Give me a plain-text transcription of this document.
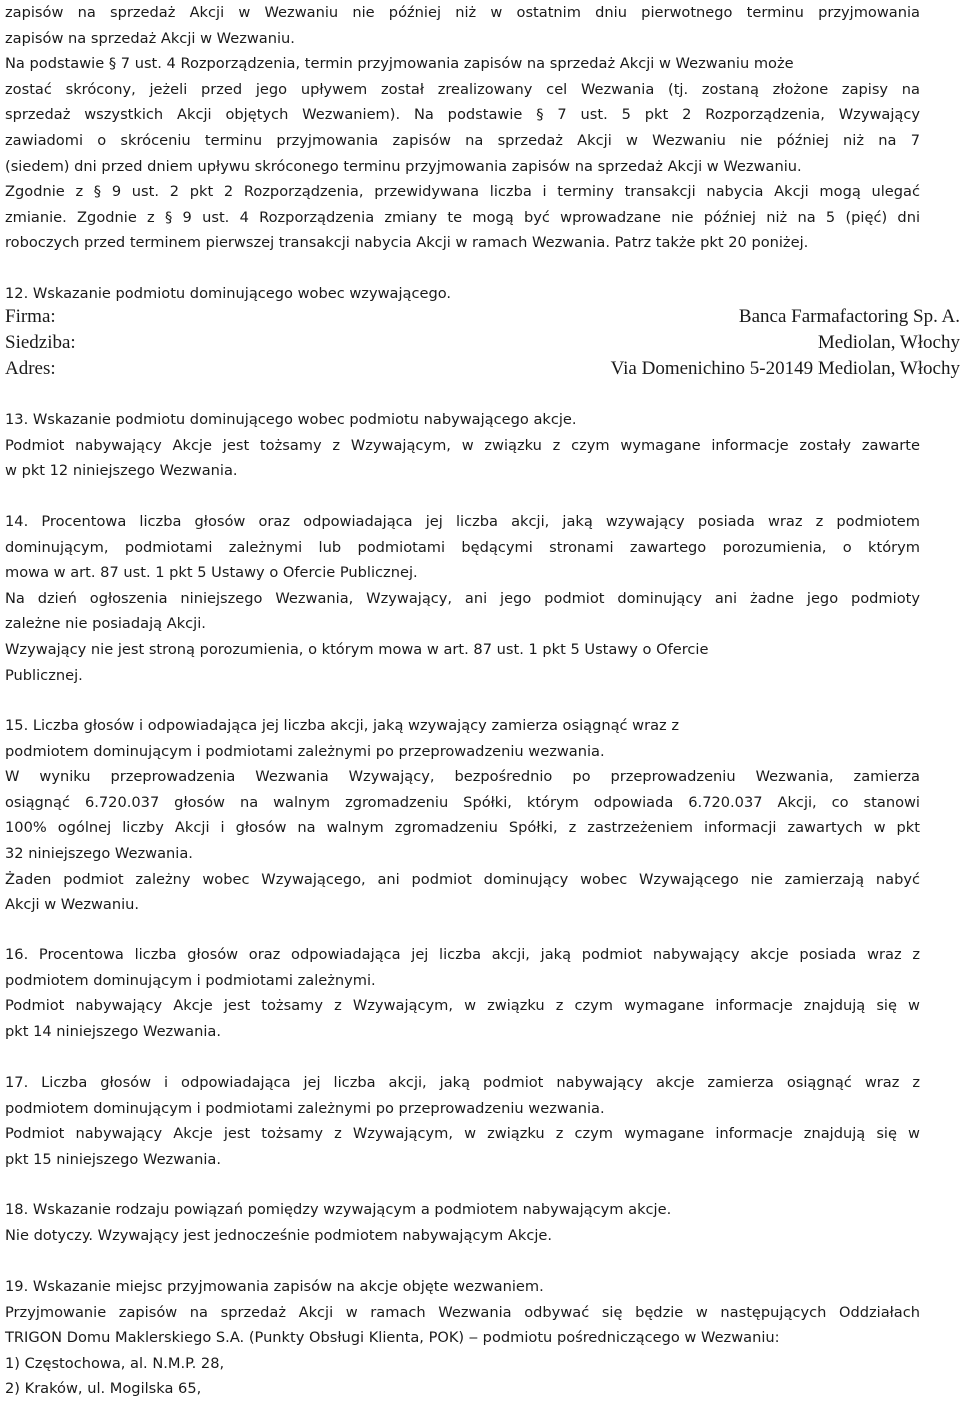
zapisów na sprzedaż Akcji w Wezwaniu nie później niż w ostatnim dniu pierwotnego terminu przyjmowania
zapisów na sprzedaż Akcji w Wezwaniu.
Na podstawie § 7 ust. 4 Rozporządzenia, termin przyjmowania zapisów na sprzedaż Akcji w Wezwaniu może
zostać skrócony, jeżeli przed jego upływem został zrealizowany cel Wezwania (tj. zostaną złożone zapisy na
sprzedaż wszystkich Akcji objętych Wezwaniem). Na podstawie § 7 ust. 5 pkt 2 Rozporządzenia, Wzywający
zawiadomi o skróceniu terminu przyjmowania zapisów na sprzedaż Akcji w Wezwaniu nie później niż na 7
(siedem) dni przed dniem upływu skróconego terminu przyjmowania zapisów na sprzedaż Akcji w Wezwaniu.
Zgodnie z § 9 ust. 2 pkt 2 Rozporządzenia, przewidywana liczba i terminy transakcji nabycia Akcji mogą ulegać
zmianie. Zgodnie z § 9 ust. 4 Rozporządzenia zmiany te mogą być wprowadzane nie później niż na 5 (pięć) dni
roboczych przed terminem pierwszej transakcji nabycia Akcji w ramach Wezwania. Patrz także pkt 20 poniżej.
12. Wskazanie podmiotu dominującego wobec wzywającego.
Firma:	Banca Farmafactoring Sp. A.
Siedziba:	Mediolan, Włochy
Adres:	Via Domenichino 5-20149 Mediolan, Włochy
13. Wskazanie podmiotu dominującego wobec podmiotu nabywającego akcje.
Podmiot nabywający Akcje jest tożsamy z Wzywającym, w związku z czym wymagane informacje zostały zawarte
w pkt 12 niniejszego Wezwania.
14. Procentowa liczba głosów oraz odpowiadająca jej liczba akcji, jaką wzywający posiada wraz z podmiotem
dominującym, podmiotami zależnymi lub podmiotami będącymi stronami zawartego porozumienia, o którym
mowa w art. 87 ust. 1 pkt 5 Ustawy o Ofercie Publicznej.
Na dzień ogłoszenia niniejszego Wezwania, Wzywający, ani jego podmiot dominujący ani żadne jego podmioty
zależne nie posiadają Akcji.
Wzywający nie jest stroną porozumienia, o którym mowa w art. 87 ust. 1 pkt 5 Ustawy o Ofercie
Publicznej.
15. Liczba głosów i odpowiadająca jej liczba akcji, jaką wzywający zamierza osiągnąć wraz z
podmiotem dominującym i podmiotami zależnymi po przeprowadzeniu wezwania.
W wyniku przeprowadzenia Wezwania Wzywający, bezpośrednio po przeprowadzeniu Wezwania, zamierza
osiągnąć 6.720.037 głosów na walnym zgromadzeniu Spółki, którym odpowiada 6.720.037 Akcji, co stanowi
100% ogólnej liczby Akcji i głosów na walnym zgromadzeniu Spółki, z zastrzeżeniem informacji zawartych w pkt
32 niniejszego Wezwania.
Żaden podmiot zależny wobec Wzywającego, ani podmiot dominujący wobec Wzywającego nie zamierzają nabyć
Akcji w Wezwaniu.
16. Procentowa liczba głosów oraz odpowiadająca jej liczba akcji, jaką podmiot nabywający akcje posiada wraz z
podmiotem dominującym i podmiotami zależnymi.
Podmiot nabywający Akcje jest tożsamy z Wzywającym, w związku z czym wymagane informacje znajdują się w
pkt 14 niniejszego Wezwania.
17. Liczba głosów i odpowiadająca jej liczba akcji, jaką podmiot nabywający akcje zamierza osiągnąć wraz z
podmiotem dominującym i podmiotami zależnymi po przeprowadzeniu wezwania.
Podmiot nabywający Akcje jest tożsamy z Wzywającym, w związku z czym wymagane informacje znajdują się w
pkt 15 niniejszego Wezwania.
18. Wskazanie rodzaju powiązań pomiędzy wzywającym a podmiotem nabywającym akcje.
Nie dotyczy. Wzywający jest jednocześnie podmiotem nabywającym Akcje.
19. Wskazanie miejsc przyjmowania zapisów na akcje objęte wezwaniem.
Przyjmowanie zapisów na sprzedaż Akcji w ramach Wezwania odbywać się będzie w następujących Oddziałach
TRIGON Domu Maklerskiego S.A. (Punkty Obsługi Klienta, POK) ‒ podmiotu pośredniczącego w Wezwaniu:
1) Częstochowa, al. N.M.P. 28,
2) Kraków, ul. Mogilska 65,
